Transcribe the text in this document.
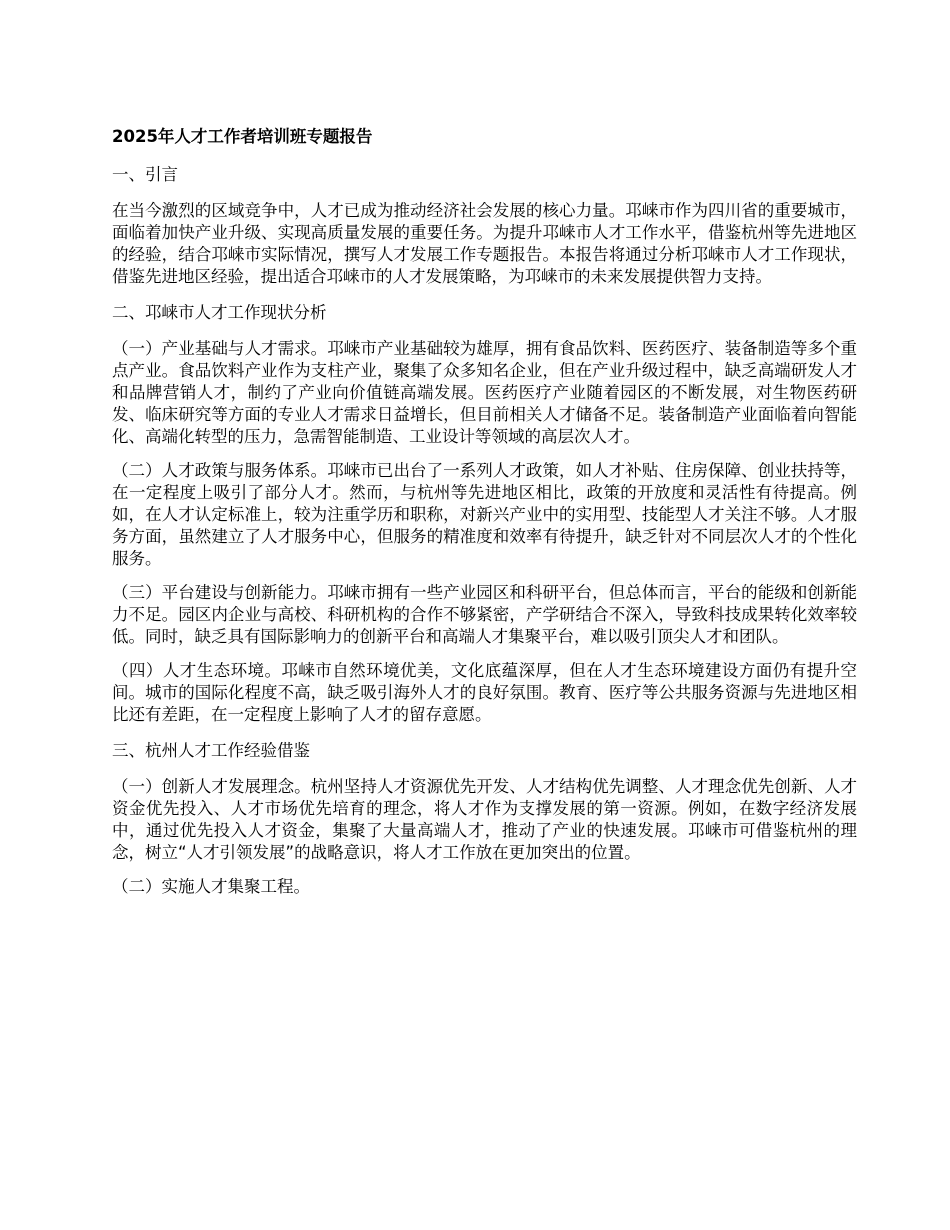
2025年人才工作者培训班专题报告
一、引言
在当今激烈的区域竞争中，人才已成为推动经济社会发展的核心力量。邛崃市作为四川省的重要城市，面临着加快产业升级、实现高质量发展的重要任务。为提升邛崃市人才工作水平，借鉴杭州等先进地区的经验，结合邛崃市实际情况，撰写人才发展工作专题报告。本报告将通过分析邛崃市人才工作现状，借鉴先进地区经验，提出适合邛崃市的人才发展策略，为邛崃市的未来发展提供智力支持。
二、邛崃市人才工作现状分析
（一）产业基础与人才需求。邛崃市产业基础较为雄厚，拥有食品饮料、医药医疗、装备制造等多个重点产业。食品饮料产业作为支柱产业，聚集了众多知名企业，但在产业升级过程中，缺乏高端研发人才和品牌营销人才，制约了产业向价值链高端发展。医药医疗产业随着园区的不断发展，对生物医药研发、临床研究等方面的专业人才需求日益增长，但目前相关人才储备不足。装备制造产业面临着向智能化、高端化转型的压力，急需智能制造、工业设计等领域的高层次人才。
（二）人才政策与服务体系。邛崃市已出台了一系列人才政策，如人才补贴、住房保障、创业扶持等，在一定程度上吸引了部分人才。然而，与杭州等先进地区相比，政策的开放度和灵活性有待提高。例如，在人才认定标准上，较为注重学历和职称，对新兴产业中的实用型、技能型人才关注不够。人才服务方面，虽然建立了人才服务中心，但服务的精准度和效率有待提升，缺乏针对不同层次人才的个性化服务。
（三）平台建设与创新能力。邛崃市拥有一些产业园区和科研平台，但总体而言，平台的能级和创新能力不足。园区内企业与高校、科研机构的合作不够紧密，产学研结合不深入，导致科技成果转化效率较低。同时，缺乏具有国际影响力的创新平台和高端人才集聚平台，难以吸引顶尖人才和团队。
（四）人才生态环境。邛崃市自然环境优美，文化底蕴深厚，但在人才生态环境建设方面仍有提升空间。城市的国际化程度不高，缺乏吸引海外人才的良好氛围。教育、医疗等公共服务资源与先进地区相比还有差距，在一定程度上影响了人才的留存意愿。
三、杭州人才工作经验借鉴
（一）创新人才发展理念。杭州坚持人才资源优先开发、人才结构优先调整、人才理念优先创新、人才资金优先投入、人才市场优先培育的理念，将人才作为支撑发展的第一资源。例如，在数字经济发展中，通过优先投入人才资金，集聚了大量高端人才，推动了产业的快速发展。邛崃市可借鉴杭州的理念，树立“人才引领发展”的战略意识，将人才工作放在更加突出的位置。
（二）实施人才集聚工程。
